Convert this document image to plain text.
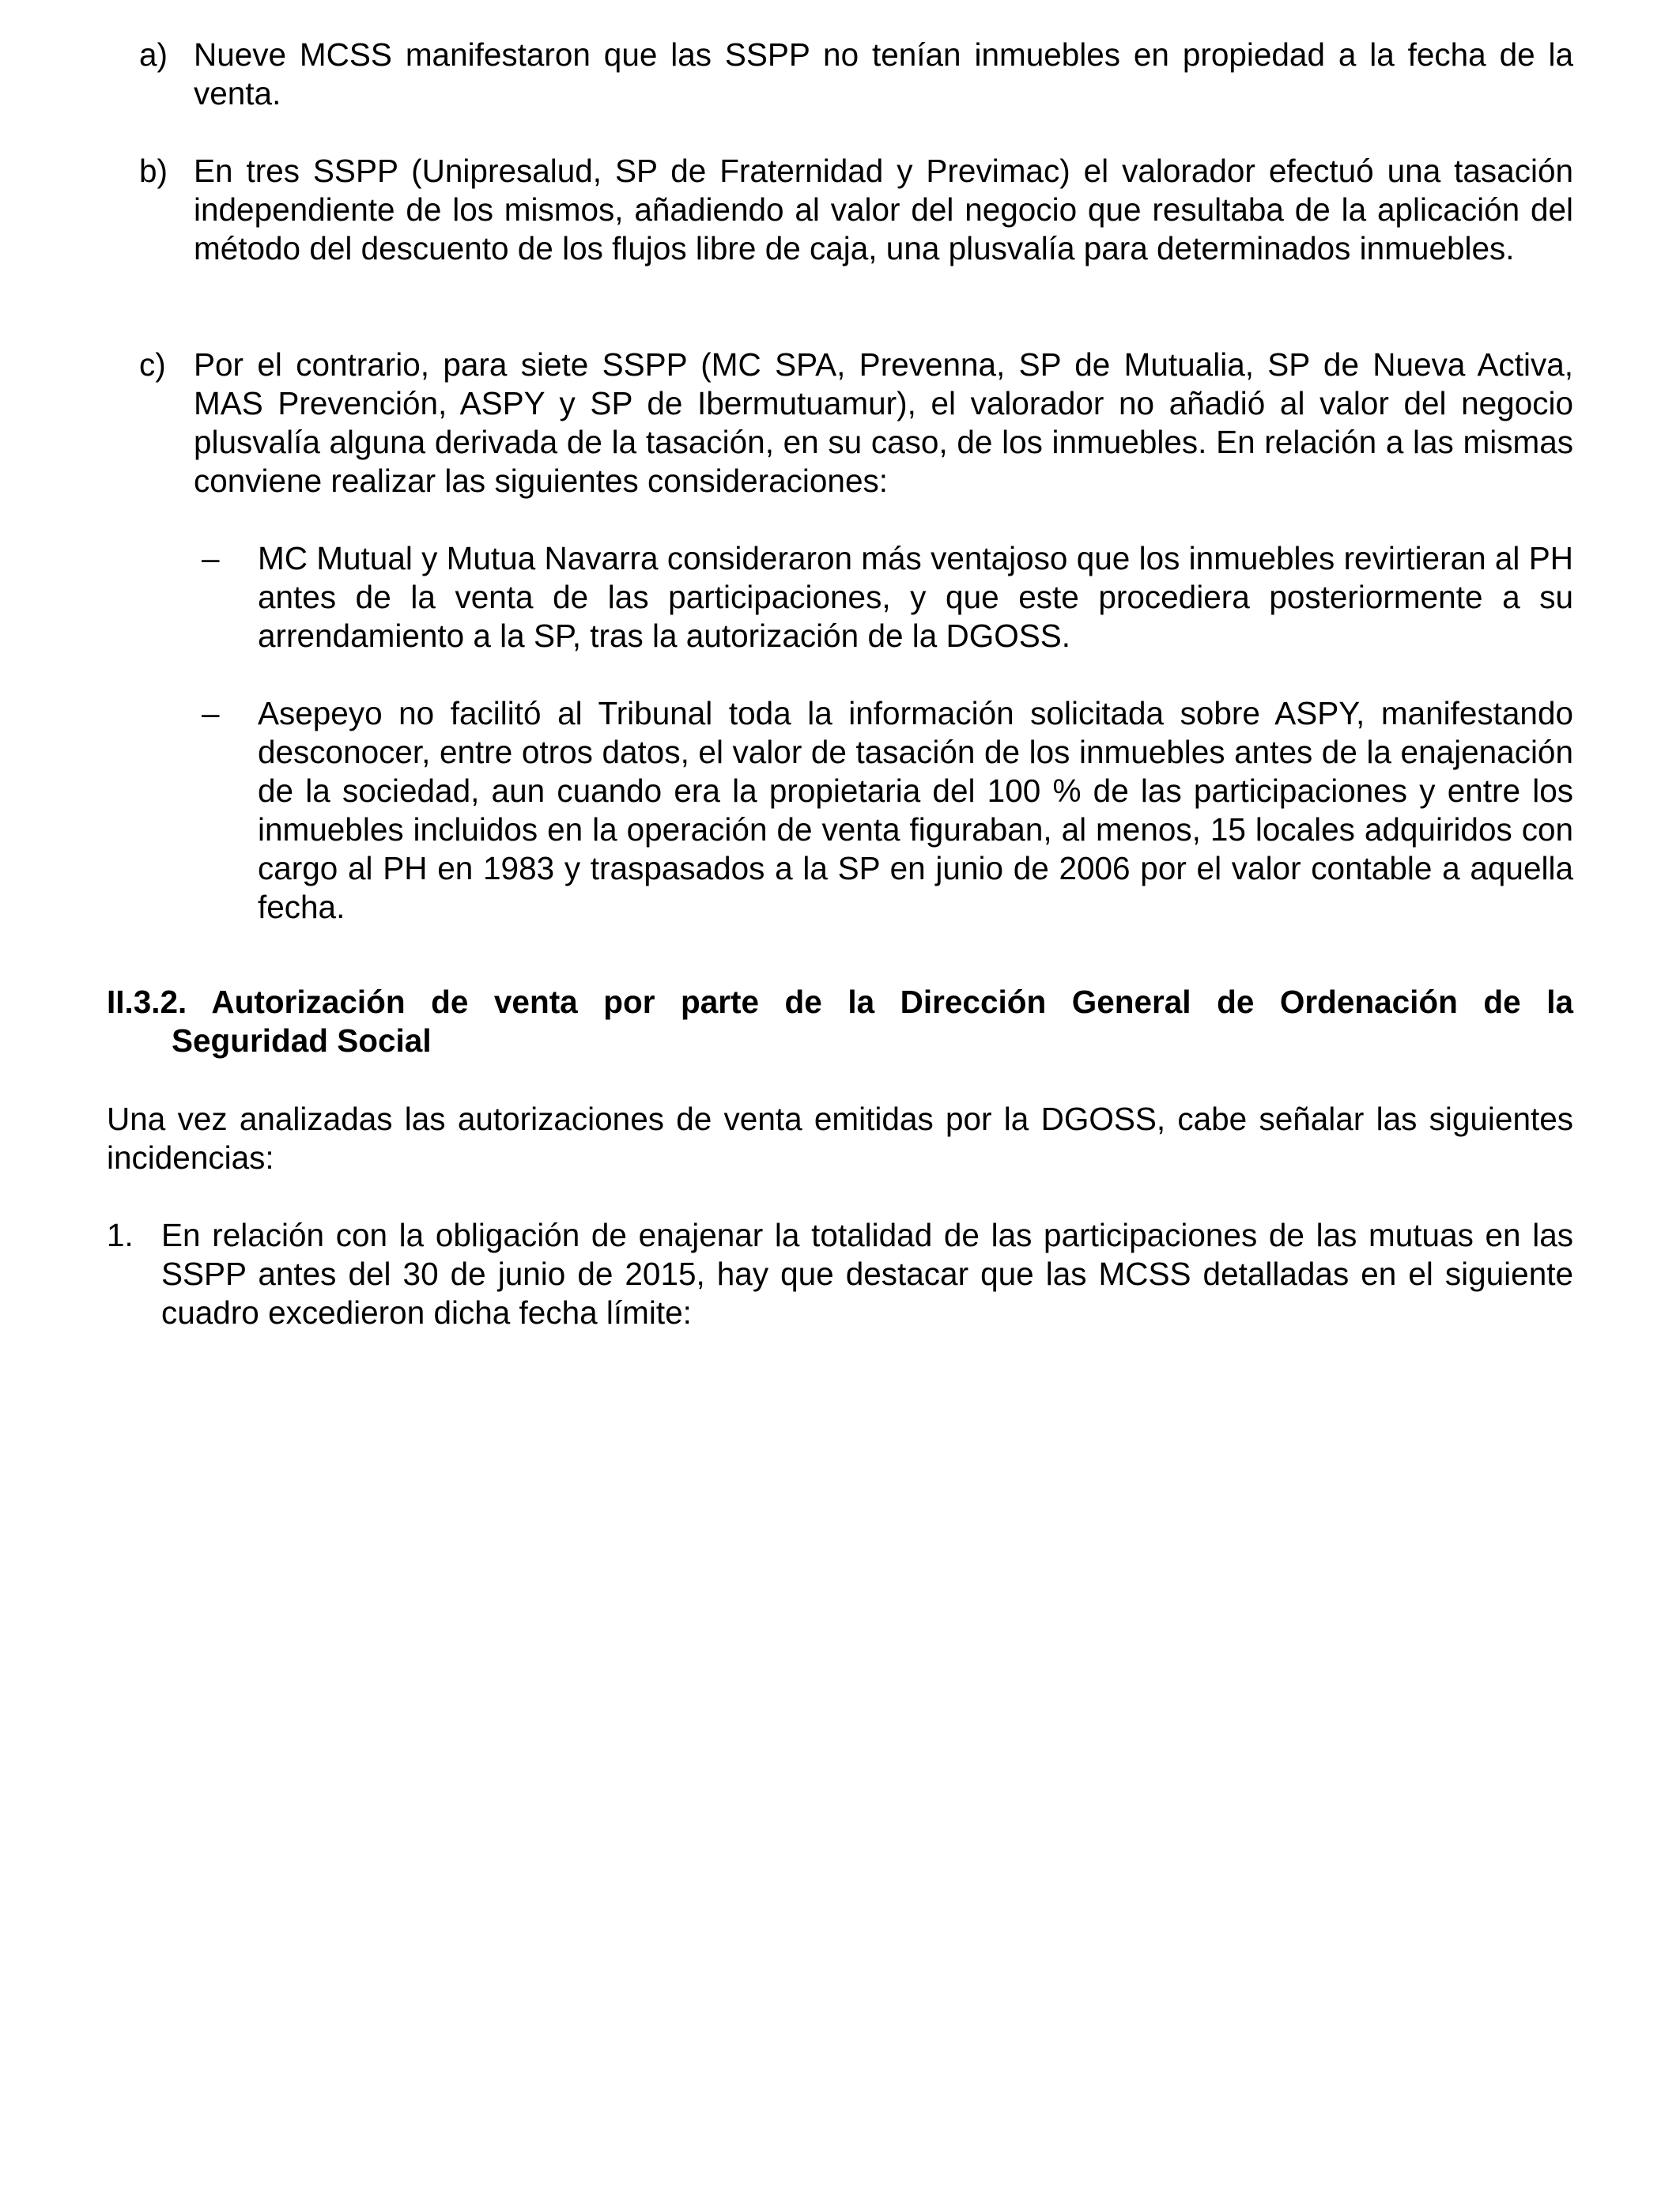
a) Nueve MCSS manifestaron que las SSPP no tenían inmuebles en propiedad a la fecha de la venta.
b) En tres SSPP (Unipresalud, SP de Fraternidad y Previmac) el valorador efectuó una tasación independiente de los mismos, añadiendo al valor del negocio que resultaba de la aplicación del método del descuento de los flujos libre de caja, una plusvalía para determinados inmuebles.
c) Por el contrario, para siete SSPP (MC SPA, Prevenna, SP de Mutualia, SP de Nueva Activa, MAS Prevención, ASPY y SP de Ibermutuamur), el valorador no añadió al valor del negocio plusvalía alguna derivada de la tasación, en su caso, de los inmuebles. En relación a las mismas conviene realizar las siguientes consideraciones:
– MC Mutual y Mutua Navarra consideraron más ventajoso que los inmuebles revirtieran al PH antes de la venta de las participaciones, y que este procediera posteriormente a su arrendamiento a la SP, tras la autorización de la DGOSS.
– Asepeyo no facilitó al Tribunal toda la información solicitada sobre ASPY, manifestando desconocer, entre otros datos, el valor de tasación de los inmuebles antes de la enajenación de la sociedad, aun cuando era la propietaria del 100 % de las participaciones y entre los inmuebles incluidos en la operación de venta figuraban, al menos, 15 locales adquiridos con cargo al PH en 1983 y traspasados a la SP en junio de 2006 por el valor contable a aquella fecha.
II.3.2. Autorización de venta por parte de la Dirección General de Ordenación de la
Seguridad Social
Una vez analizadas las autorizaciones de venta emitidas por la DGOSS, cabe señalar las siguientes incidencias:
1. En relación con la obligación de enajenar la totalidad de las participaciones de las mutuas en las SSPP antes del 30 de junio de 2015, hay que destacar que las MCSS detalladas en el siguiente cuadro excedieron dicha fecha límite:
